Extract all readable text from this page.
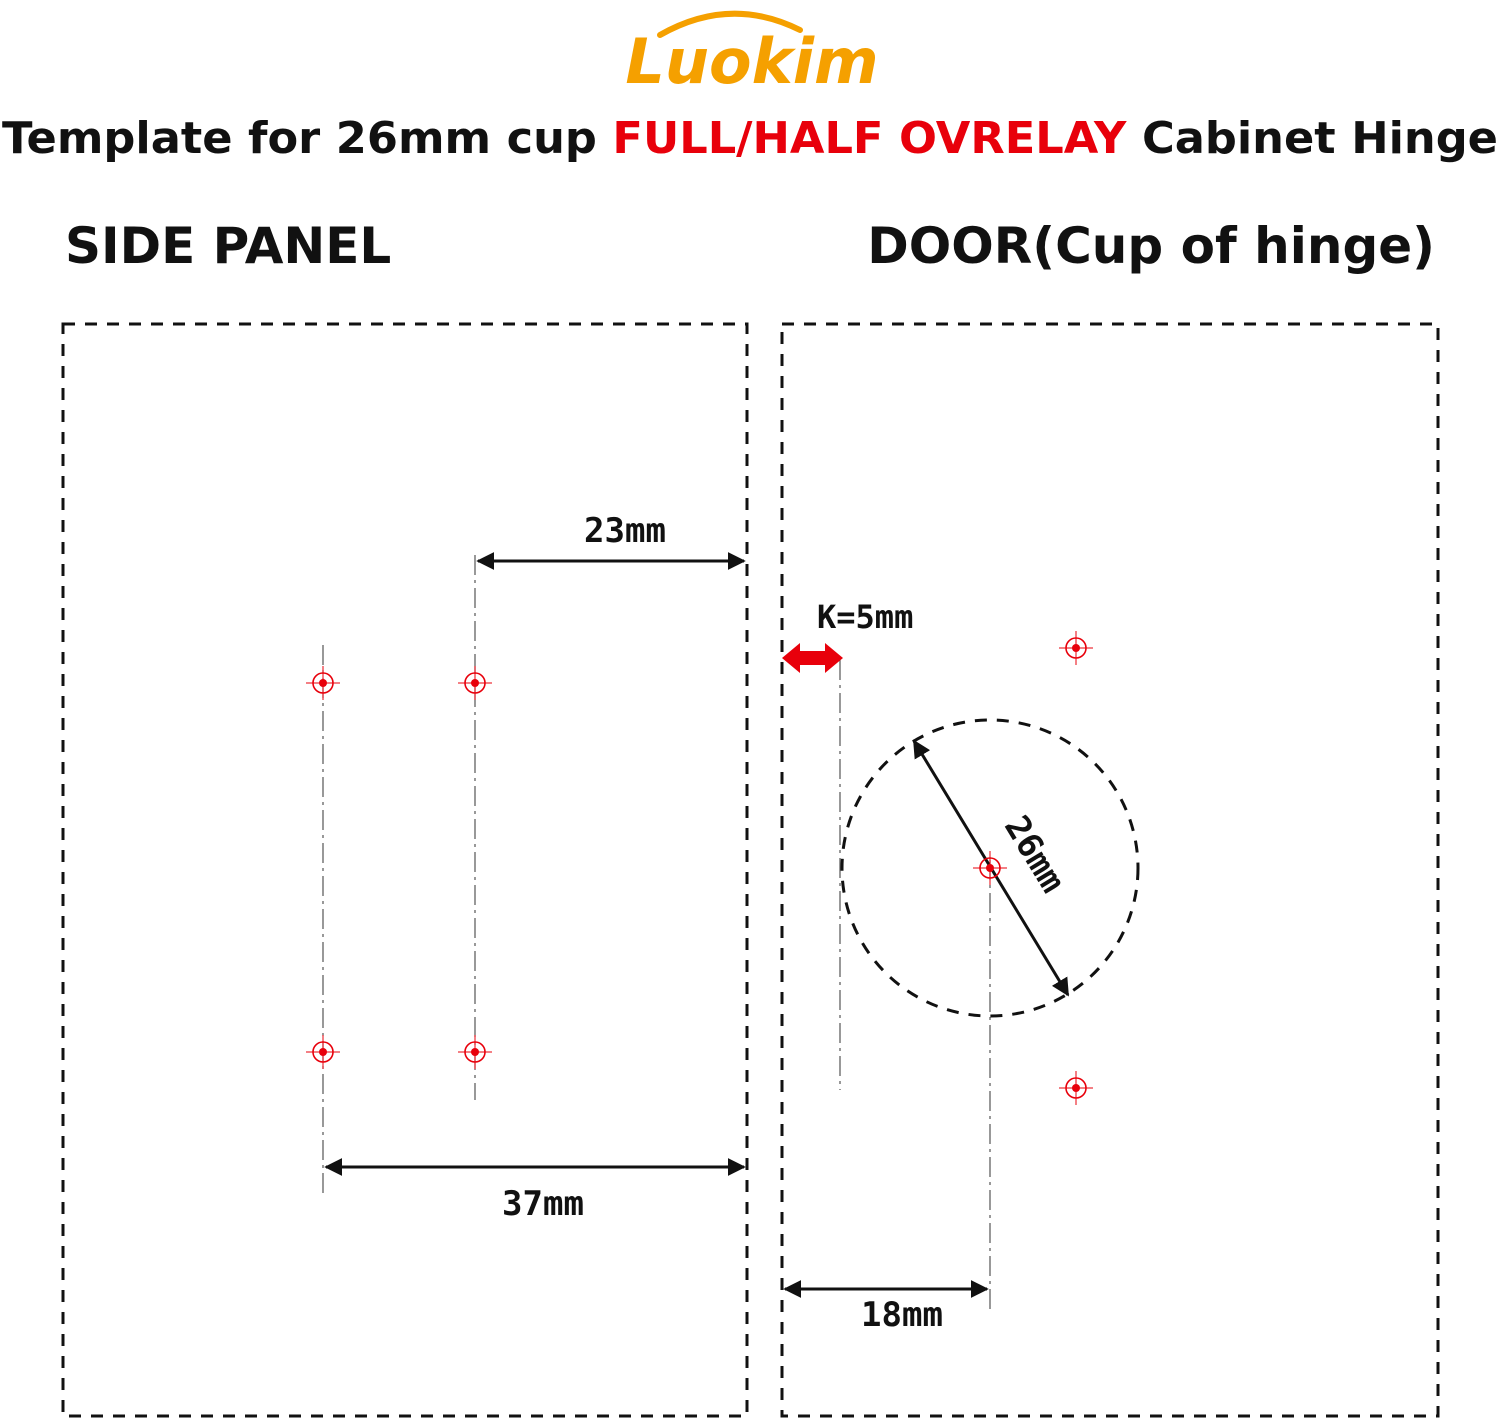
Luokim
Template for 26mm cup FULL/HALF OVRELAY Cabinet Hinge
SIDE PANEL	DOOR(Cup of hinge)
23mm
37mm
K=5mm
26mm
18mm
